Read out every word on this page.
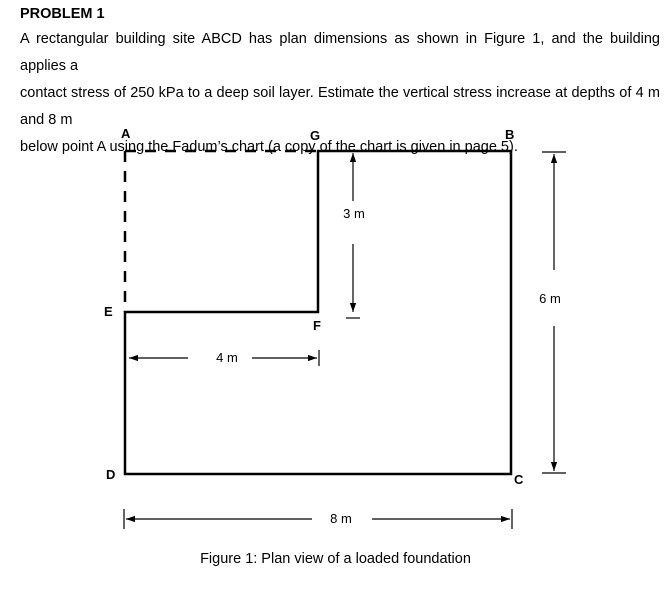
PROBLEM 1
A rectangular building site ABCD has plan dimensions as shown in Figure 1, and the building applies a
contact stress of 250 kPa to a deep soil layer. Estimate the vertical stress increase at depths of 4 m and 8 m
below point A using the Fadum’s chart (a copy of the chart is given in page 5).
A	G	B
E
F
D	C
3 m
4 m
6 m
8 m
Figure 1: Plan view of a loaded foundation
